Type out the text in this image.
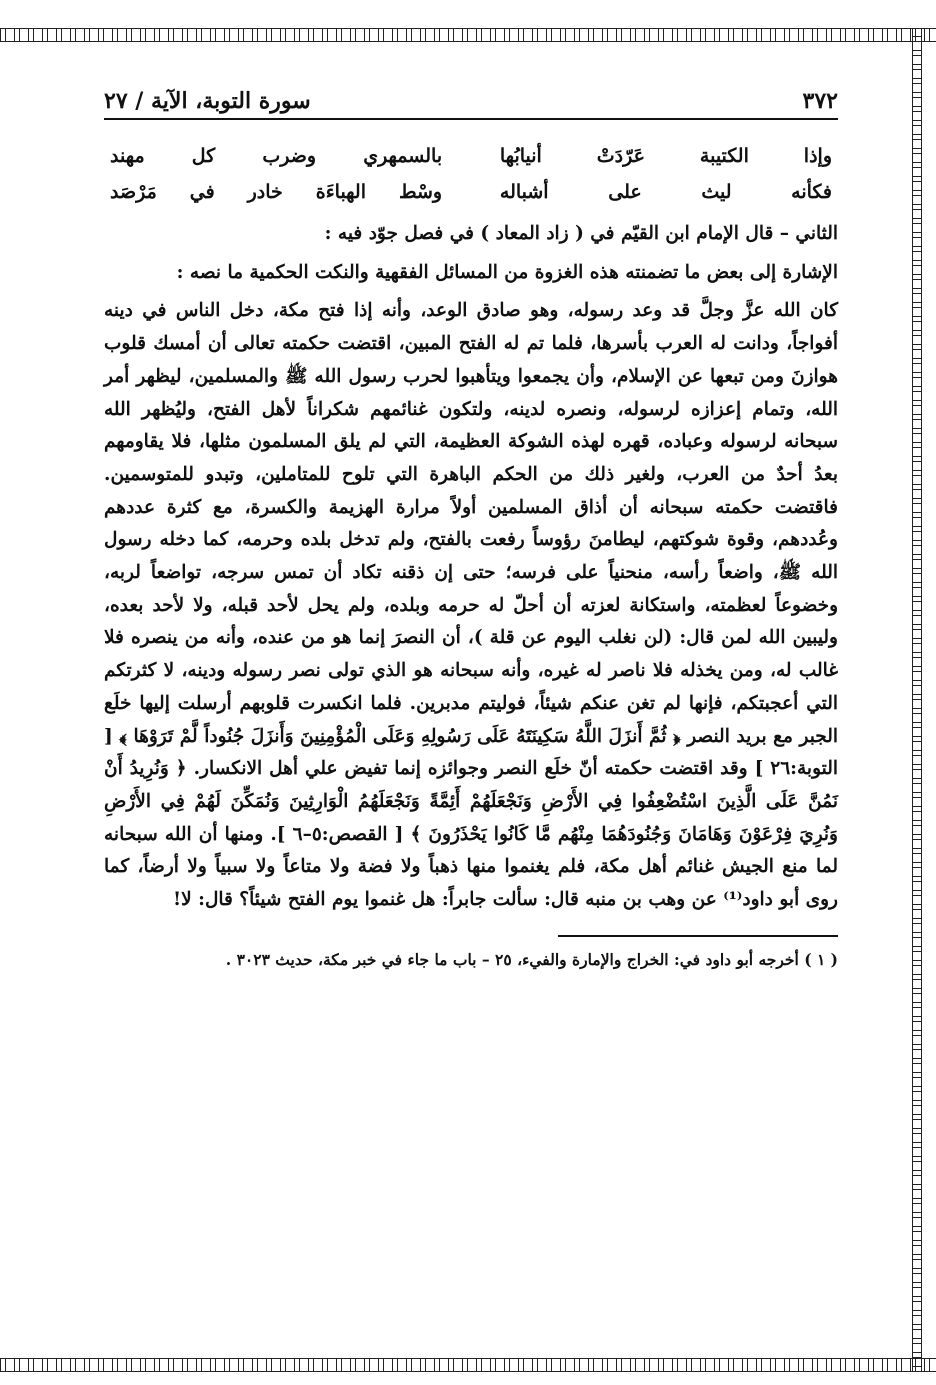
٣٧٢
سورة التوبة، الآية / ٢٧
وإذا الكتيبة عَرّدَتْ أنيابُها
بالسمهري وضرب كل مهند
فكأنه ليث على أشباله
وسْط الهباءَة خادر في مَرْصَد

الثاني – قال الإمام ابن القيّم في ( زاد المعاد ) في فصل جوّد فيه :

الإشارة إلى بعض ما تضمنته هذه الغزوة من المسائل الفقهية والنكت الحكمية ما نصه :

كان الله عزَّ وجلَّ قد وعد رسوله، وهو صادق الوعد، وأنه إذا فتح مكة، دخل الناس في دينه أفواجاً، ودانت له العرب بأسرها، فلما تم له الفتح المبين، اقتضت حكمته تعالى أن أمسك قلوب هوازنَ ومن تبعها عن الإسلام، وأن يجمعوا ويتأهبوا لحرب رسول الله ﷺ والمسلمين، ليظهر أمر الله، وتمام إعزازه لرسوله، ونصره لدينه، ولتكون غنائمهم شكراناً لأهل الفتح، وليُظهر الله سبحانه لرسوله وعباده، قهره لهذه الشوكة العظيمة، التي لم يلق المسلمون مثلها، فلا يقاومهم بعدُ أحدٌ من العرب، ولغير ذلك من الحكم الباهرة التي تلوح للمتاملين، وتبدو للمتوسمين. فاقتضت حكمته سبحانه أن أذاق المسلمين أولاً مرارة الهزيمة والكسرة، مع كثرة عددهم وعُددهم، وقوة شوكتهم، ليطامنَ رؤوساً رفعت بالفتح، ولم تدخل بلده وحرمه، كما دخله رسول الله ﷺ، واضعاً رأسه، منحنياً على فرسه؛ حتى إن ذقنه تكاد أن تمس سرجه، تواضعاً لربه، وخضوعاً لعظمته، واستكانة لعزته أن أحلّ له حرمه وبلده، ولم يحل لأحد قبله، ولا لأحد بعده، وليبين الله لمن قال: (لن نغلب اليوم عن قلة )، أن النصرَ إنما هو من عنده، وأنه من ينصره فلا غالب له، ومن يخذله فلا ناصر له غيره، وأنه سبحانه هو الذي تولى نصر رسوله ودينه، لا كثرتكم التي أعجبتكم، فإنها لم تغن عنكم شيئاً، فوليتم مدبرين. فلما انكسرت قلوبهم أرسلت إليها خلَع الجبر مع بريد النصر ﴿ ثُمَّ أَنزَلَ اللَّهُ سَكِينَتَهُ عَلَى رَسُولِهِ وَعَلَى الْمُؤْمِنِينَ وَأَنزَلَ جُنُوداً لَّمْ تَرَوْهَا ﴾ [ التوبة:٢٦ ] وقد اقتضت حكمته أنّ خلَع النصر وجوائزه إنما تفيض علي أهل الانكسار. ﴿ وَنُرِيدُ أَنْ نَمُنَّ عَلَى الَّذِينَ اسْتُضْعِفُوا فِي الأَرْضِ وَنَجْعَلَهُمْ أَئِمَّةً وَنَجْعَلَهُمُ الْوَارِثِينَ وَنُمَكِّنَ لَهُمْ فِي الأَرْضِ وَنُرِيَ فِرْعَوْنَ وَهَامَانَ وَجُنُودَهُمَا مِنْهُم مَّا كَانُوا يَحْذَرُونَ ﴾ [ القصص:٥–٦ ]. ومنها أن الله سبحانه لما منع الجيش غنائم أهل مكة، فلم يغنموا منها ذهباً ولا فضة ولا متاعاً ولا سبياً ولا أرضاً، كما روى أبو داود⁽¹⁾ عن وهب بن منبه قال: سألت جابراً: هل غنموا يوم الفتح شيئاً؟ قال: لا!

( ١ ) أخرجه أبو داود في: الخراج والإمارة والفيء، ٢٥ – باب ما جاء في خبر مكة، حديث ٣٠٢٣ .
